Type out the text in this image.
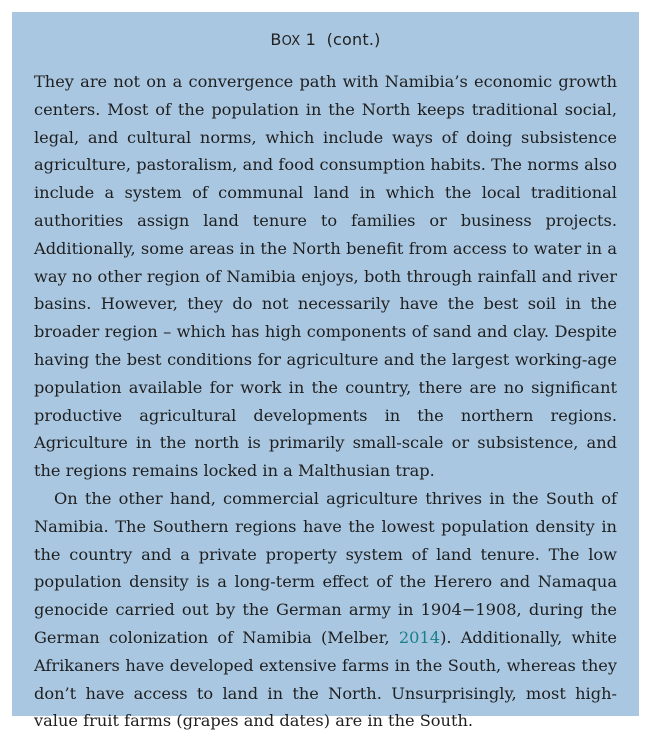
BOX 1 (cont.)

They are not on a convergence path with Namibia’s economic growth centers. Most of the population in the North keeps traditional social, legal, and cultural norms, which include ways of doing subsistence agriculture, pastoralism, and food consumption habits. The norms also include a system of communal land in which the local traditional authorities assign land tenure to families or business projects. Additionally, some areas in the North benefit from access to water in a way no other region of Namibia enjoys, both through rainfall and river basins. However, they do not necessarily have the best soil in the broader region – which has high components of sand and clay. Despite having the best conditions for agriculture and the largest working-age population available for work in the country, there are no significant productive agricultural developments in the northern regions. Agriculture in the north is primarily small-scale or subsistence, and the regions remains locked in a Malthusian trap.

On the other hand, commercial agriculture thrives in the South of Namibia. The Southern regions have the lowest population density in the country and a private property system of land tenure. The low population density is a long-term effect of the Herero and Namaqua genocide carried out by the German army in 1904−1908, during the German colonization of Namibia (Melber, 2014). Additionally, white Afrikaners have developed extensive farms in the South, whereas they don’t have access to land in the North. Unsurprisingly, most high-value fruit farms (grapes and dates) are in the South.
